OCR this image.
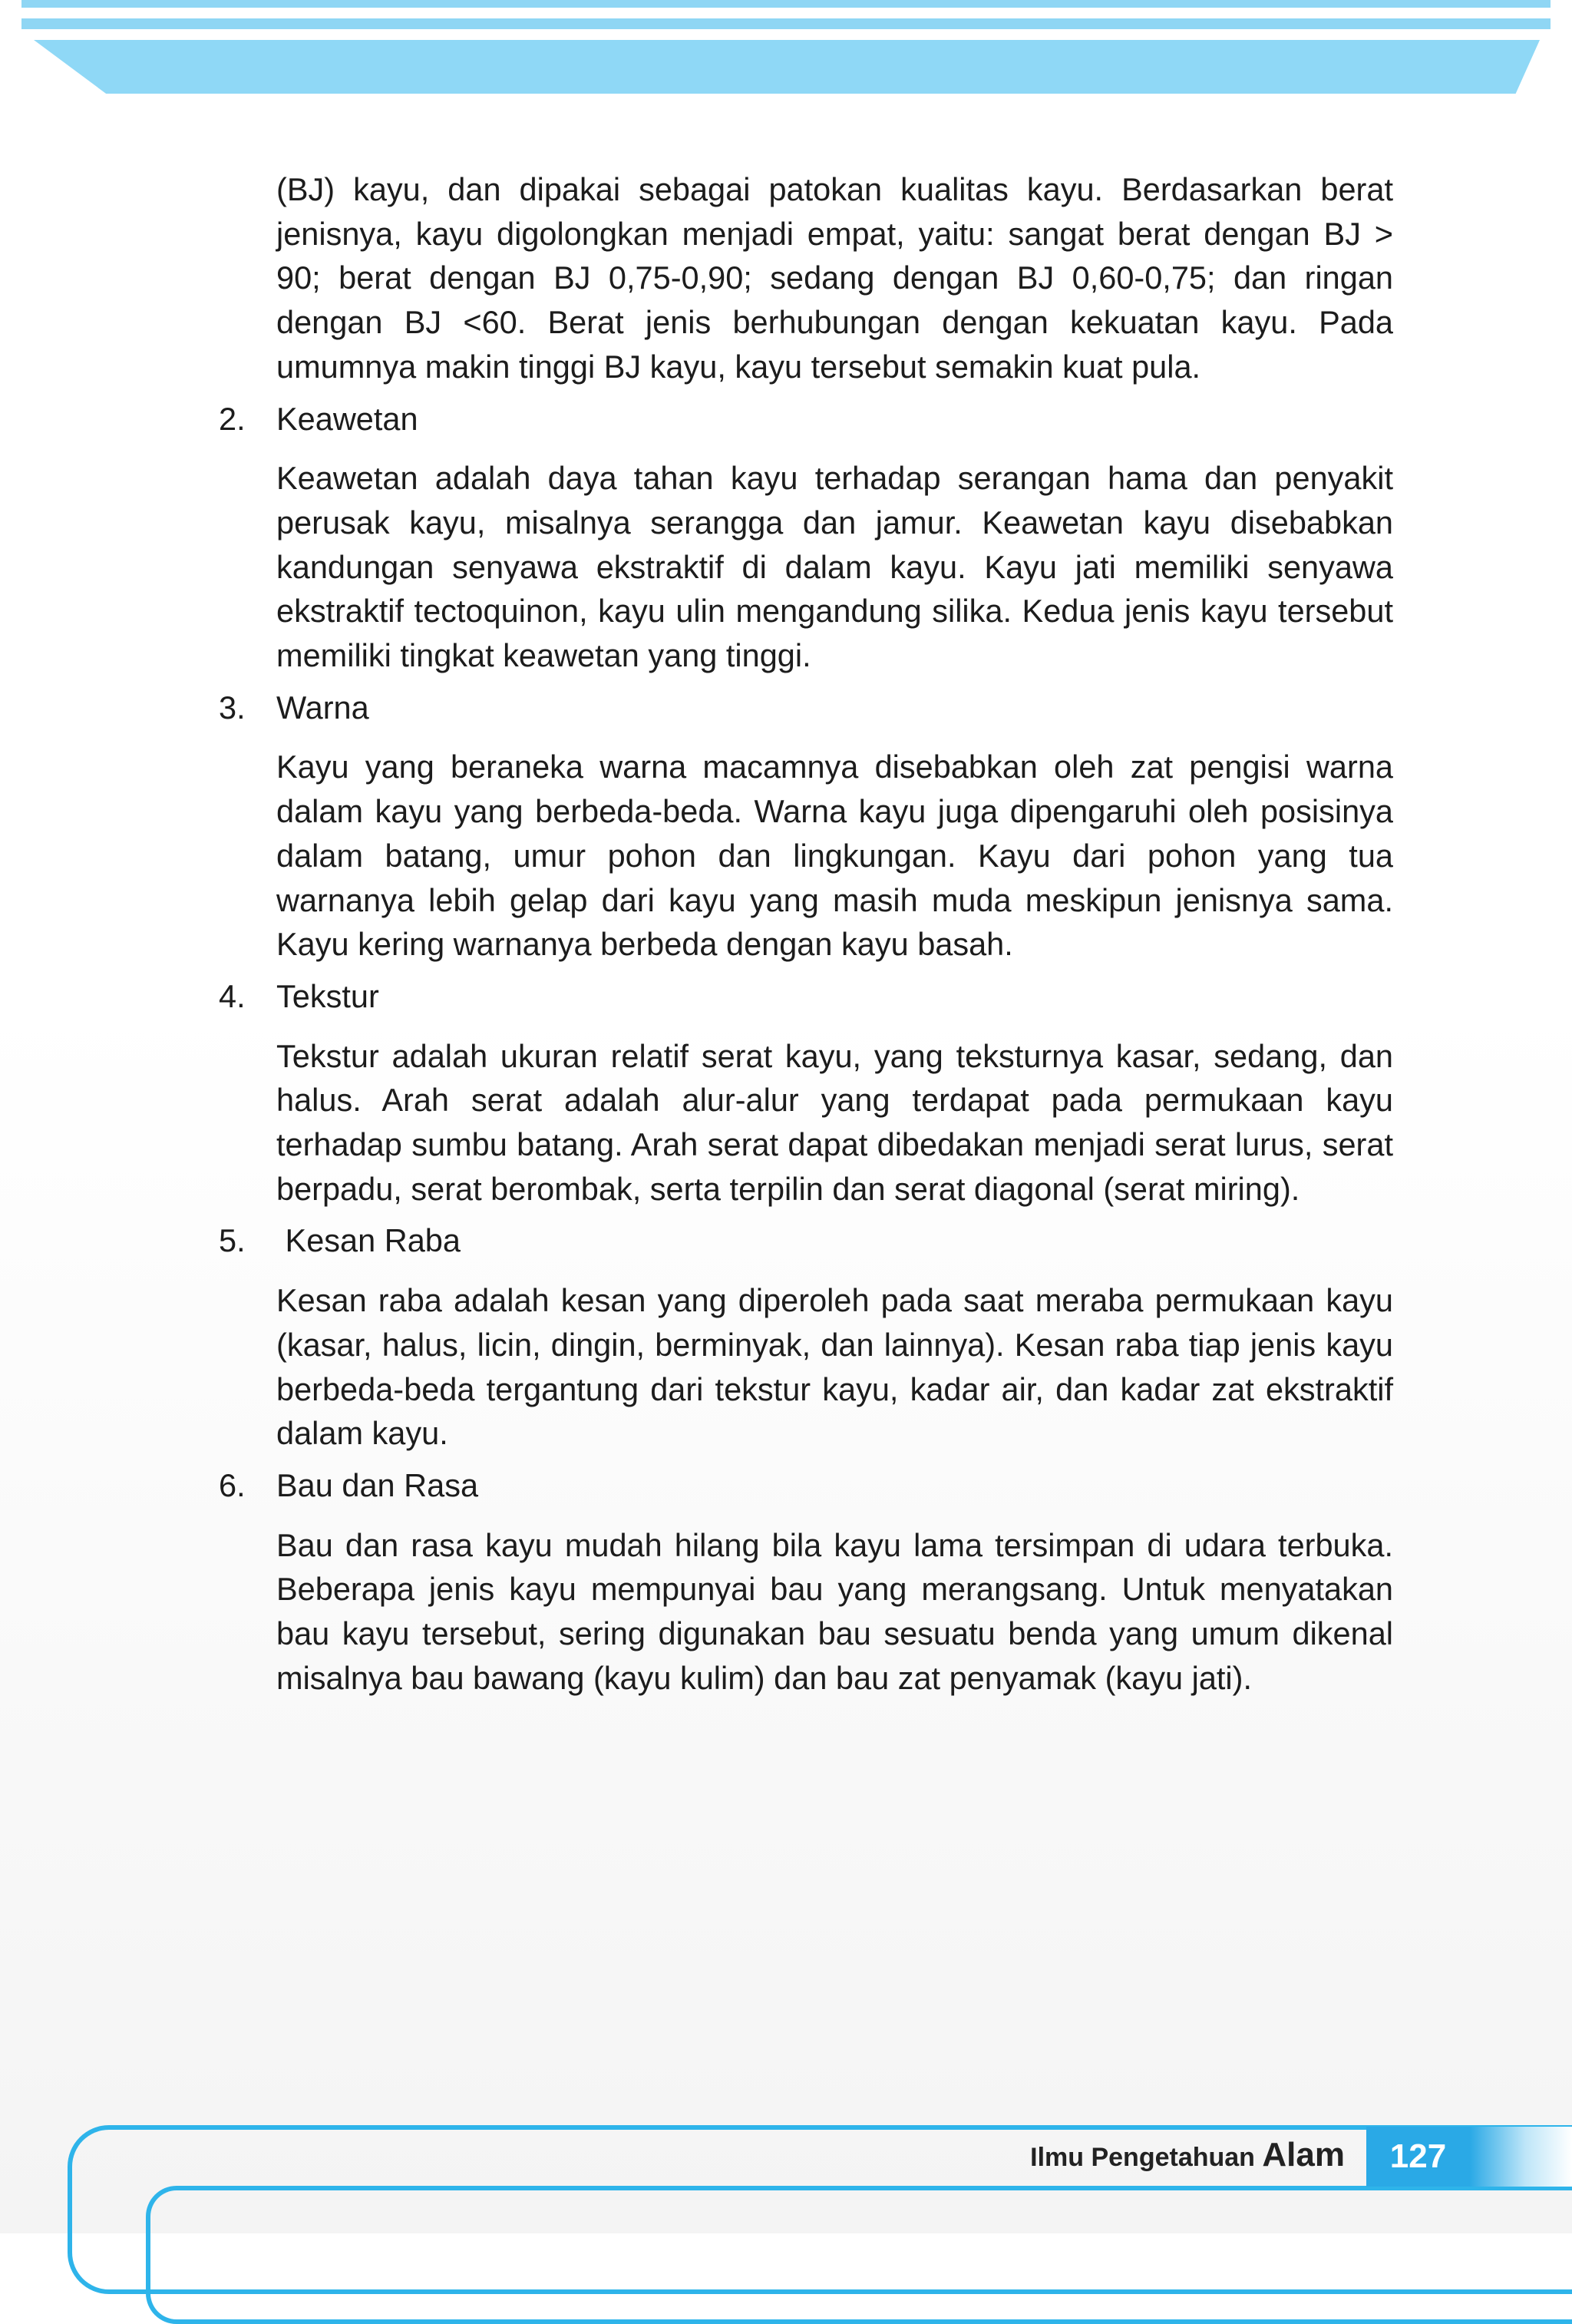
(BJ) kayu, dan dipakai sebagai patokan kualitas kayu. Berdasarkan berat jenisnya, kayu digolongkan menjadi empat, yaitu: sangat berat dengan BJ > 90; berat dengan BJ 0,75-0,90; sedang dengan BJ 0,60-0,75; dan ringan dengan BJ <60. Berat jenis berhubungan dengan kekuatan kayu. Pada umumnya makin tinggi BJ kayu, kayu tersebut semakin kuat pula.

2. Keawetan

Keawetan adalah daya tahan kayu terhadap serangan hama dan penyakit perusak kayu, misalnya serangga dan jamur. Keawetan kayu disebabkan kandungan senyawa ekstraktif di dalam kayu. Kayu jati memiliki senyawa ekstraktif tectoquinon, kayu ulin mengandung silika. Kedua jenis kayu tersebut memiliki tingkat keawetan yang tinggi.

3. Warna

Kayu yang beraneka warna macamnya disebabkan oleh zat pengisi warna dalam kayu yang berbeda-beda. Warna kayu juga dipengaruhi oleh posisinya dalam batang, umur pohon dan lingkungan. Kayu dari pohon yang tua warnanya lebih gelap dari kayu yang masih muda meskipun jenisnya sama. Kayu kering warnanya berbeda dengan kayu basah.

4. Tekstur

Tekstur adalah ukuran relatif serat kayu, yang teksturnya kasar, sedang, dan halus. Arah serat adalah alur-alur yang terdapat pada permukaan kayu terhadap sumbu batang. Arah serat dapat dibedakan menjadi serat lurus, serat berpadu, serat berombak, serta terpilin dan serat diagonal (serat miring).

5. Kesan Raba

Kesan raba adalah kesan yang diperoleh pada saat meraba permukaan kayu (kasar, halus, licin, dingin, berminyak, dan lainnya). Kesan raba tiap jenis kayu berbeda-beda tergantung dari tekstur kayu, kadar air, dan kadar zat ekstraktif dalam kayu.

6. Bau dan Rasa

Bau dan rasa kayu mudah hilang bila kayu lama tersimpan di udara terbuka. Beberapa jenis kayu mempunyai bau yang merangsang. Untuk menyatakan bau kayu tersebut, sering digunakan bau sesuatu benda yang umum dikenal misalnya bau bawang (kayu kulim) dan bau zat penyamak (kayu jati).

Ilmu Pengetahuan Alam	127
